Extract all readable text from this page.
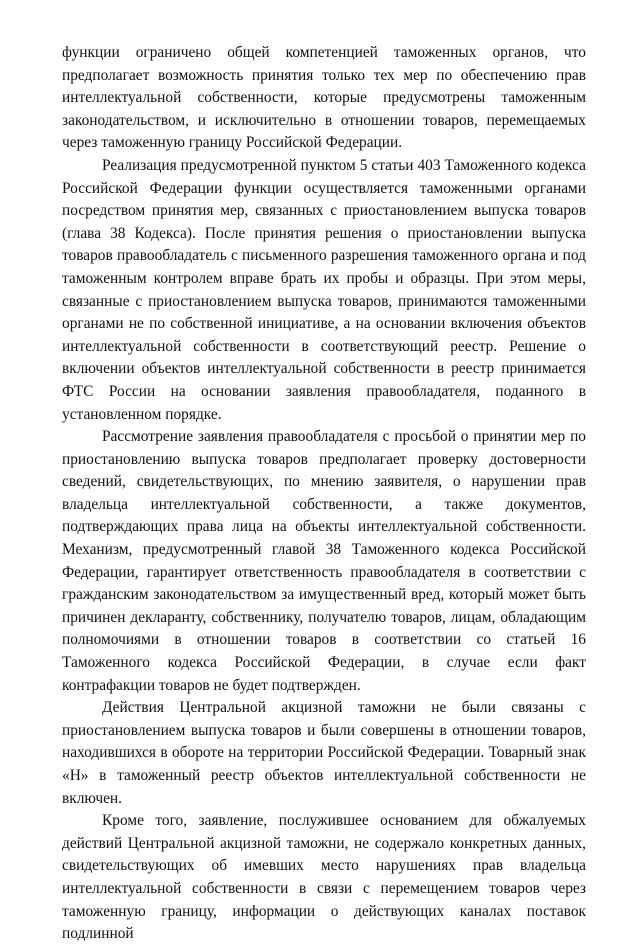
функции ограничено общей компетенцией таможенных органов, что предполагает возможность принятия только тех мер по обеспечению прав интеллектуальной собственности, которые предусмотрены таможенным законодательством, и исключительно в отношении товаров, перемещаемых через таможенную границу Российской Федерации.

Реализация предусмотренной пунктом 5 статьи 403 Таможенного кодекса Российской Федерации функции осуществляется таможенными органами посредством принятия мер, связанных с приостановлением выпуска товаров (глава 38 Кодекса). После принятия решения о приостановлении выпуска товаров правообладатель с письменного разрешения таможенного органа и под таможенным контролем вправе брать их пробы и образцы. При этом меры, связанные с приостановлением выпуска товаров, принимаются таможенными органами не по собственной инициативе, а на основании включения объектов интеллектуальной собственности в соответствующий реестр. Решение о включении объектов интеллектуальной собственности в реестр принимается ФТС России на основании заявления правообладателя, поданного в установленном порядке.

Рассмотрение заявления правообладателя с просьбой о принятии мер по приостановлению выпуска товаров предполагает проверку достоверности сведений, свидетельствующих, по мнению заявителя, о нарушении прав владельца интеллектуальной собственности, а также документов, подтверждающих права лица на объекты интеллектуальной собственности. Механизм, предусмотренный главой 38 Таможенного кодекса Российской Федерации, гарантирует ответственность правообладателя в соответствии с гражданским законодательством за имущественный вред, который может быть причинен декларанту, собственнику, получателю товаров, лицам, обладающим полномочиями в отношении товаров в соответствии со статьей 16 Таможенного кодекса Российской Федерации, в случае если факт контрафакции товаров не будет подтвержден.

Действия Центральной акцизной таможни не были связаны с приостановлением выпуска товаров и были совершены в отношении товаров, находившихся в обороте на территории Российской Федерации. Товарный знак «Н» в таможенный реестр объектов интеллектуальной собственности не включен.

Кроме того, заявление, послужившее основанием для обжалуемых действий Центральной акцизной таможни, не содержало конкретных данных, свидетельствующих об имевших место нарушениях прав владельца интеллектуальной собственности в связи с перемещением товаров через таможенную границу, информации о действующих каналах поставок подлинной
